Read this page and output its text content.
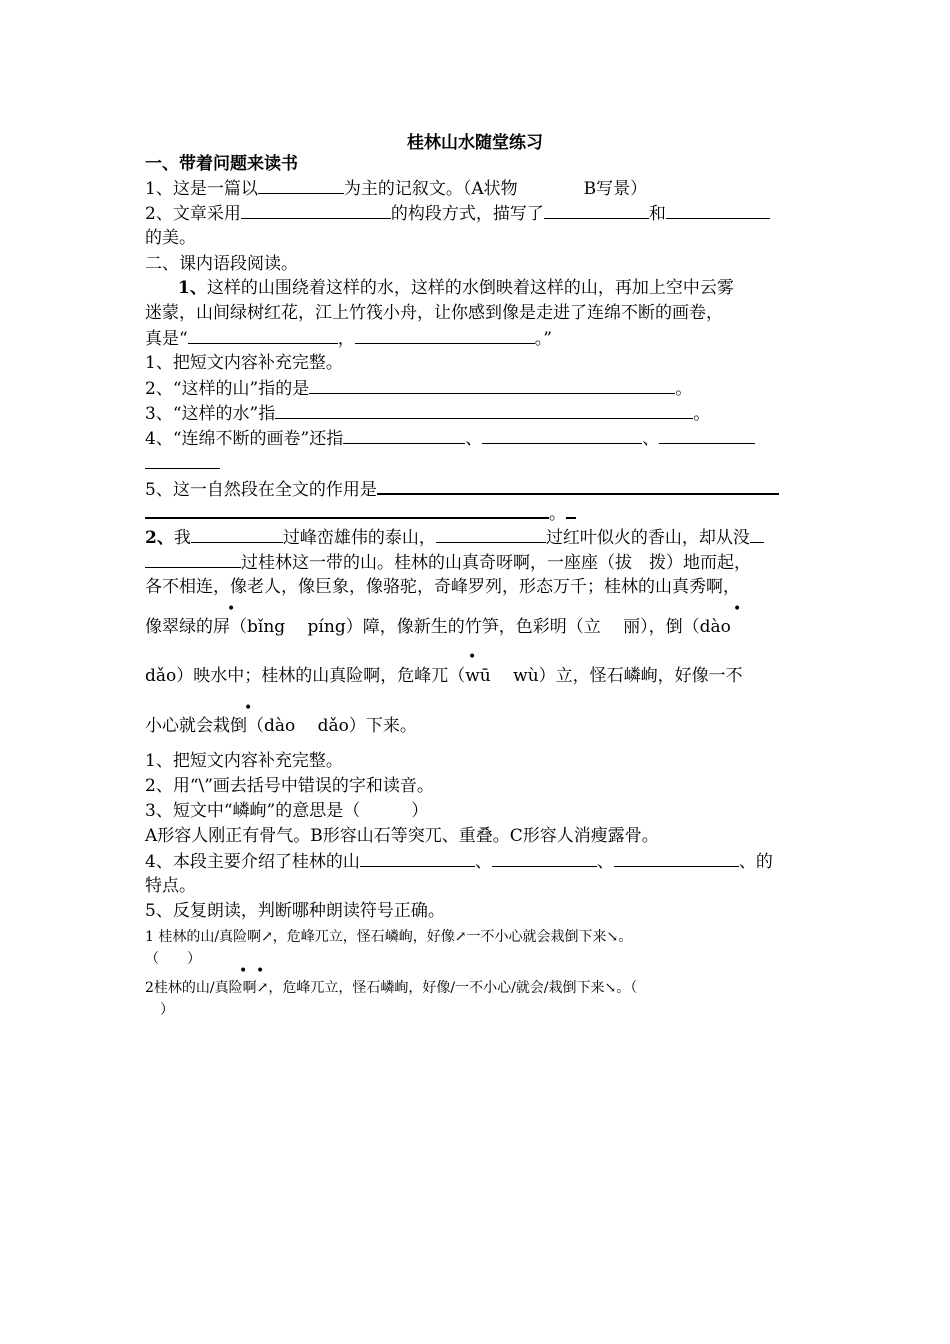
桂林山水随堂练习
一、带着问题来读书
1、这是一篇以	为主的记叙文。（A状物	B写景）
2、文章采用	的构段方式，描写了	和
的美。
二、课内语段阅读。
1、这样的山围绕着这样的水，这样的水倒映着这样的山，再加上空中云雾
迷蒙，山间绿树红花，江上竹筏小舟，让你感到像是走进了连绵不断的画卷，
真是“	，	。”
1、把短文内容补充完整。
2、“这样的山”指的是	。
3、“这样的水”指	。
4、“连绵不断的画卷”还指	、	、
5、这一自然段在全文的作用是
。
2、我	过峰峦雄伟的泰山，	过红叶似火的香山，却从没
过桂林这一带的山。桂林的山真奇呀啊，一座座（拔　拨）地而起，
各不相连，像老人，像巨象，像骆驼，奇峰罗列，形态万千；桂林的山真秀啊，
•	•
像翠绿的屏（bǐng　 píng）障，像新生的竹笋，色彩明（立　 丽），倒（dào
•
dǎo）映水中；桂林的山真险啊，危峰兀（wū　 wù）立，怪石嶙峋，好像一不
•
小心就会栽倒（dào　 dǎo）下来。
1、把短文内容补充完整。
2、用“\”画去括号中错误的字和读音。
3、短文中“嶙峋”的意思是（　　　）
A形容人刚正有骨气。B形容山石等突兀、重叠。C形容人消瘦露骨。
4、本段主要介绍了桂林的山	、	、	、的
特点。
5、反复朗读，判断哪种朗读符号正确。
1 桂林的山/真险啊↗，危峰兀立，怪石嶙峋，好像↗一不小心就会栽倒下来↘。
（　　）
• •
2桂林的山/真险啊↗，危峰兀立，怪石嶙峋，好像/一不小心/就会/栽倒下来↘。（
）
